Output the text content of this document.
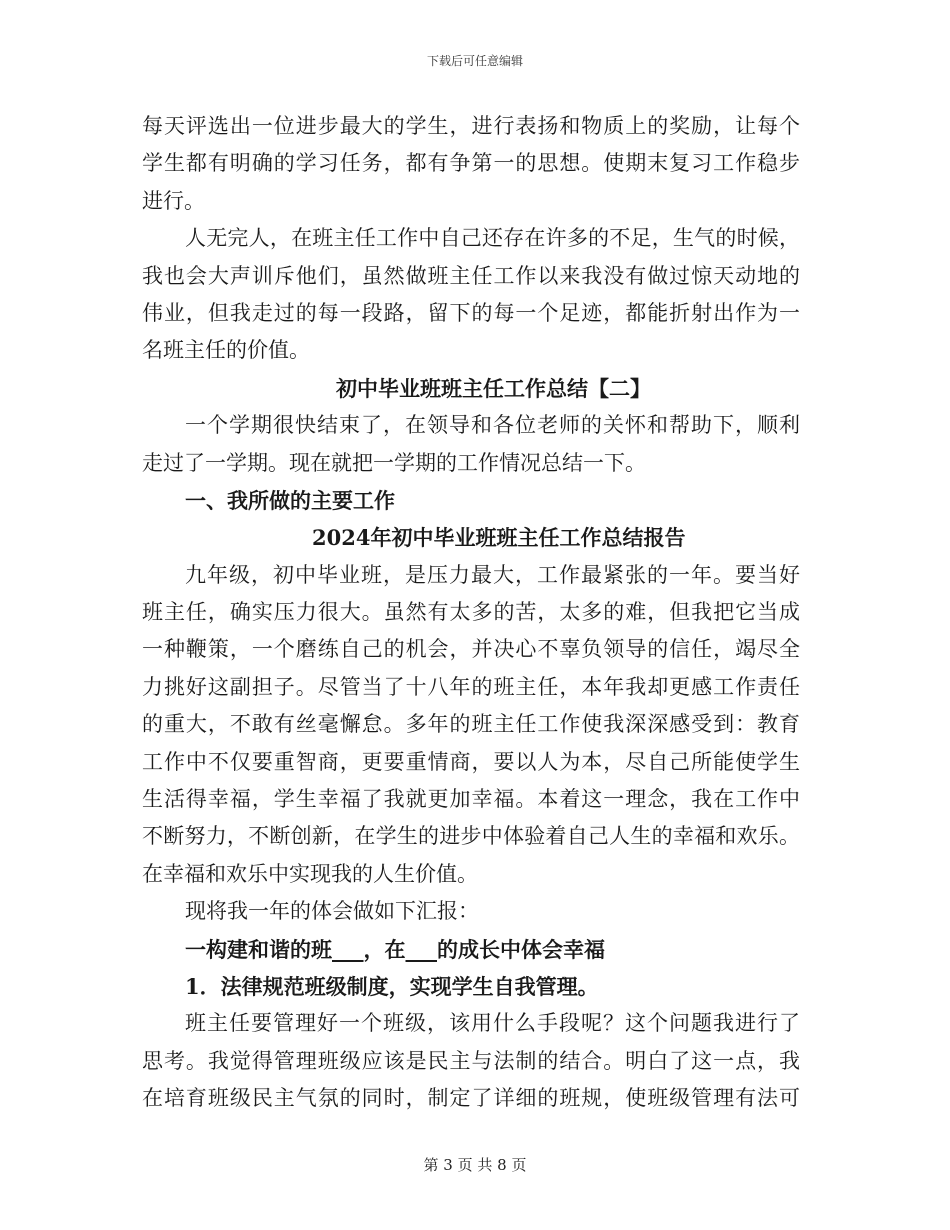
下载后可任意编辑
每天评选出一位进步最大的学生，进行表扬和物质上的奖励，让每个
学生都有明确的学习任务，都有争第一的思想。使期末复习工作稳步
进行。
人无完人，在班主任工作中自己还存在许多的不足，生气的时候，
我也会大声训斥他们，虽然做班主任工作以来我没有做过惊天动地的
伟业，但我走过的每一段路，留下的每一个足迹，都能折射出作为一
名班主任的价值。
初中毕业班班主任工作总结【二】
一个学期很快结束了，在领导和各位老师的关怀和帮助下，顺利
走过了一学期。现在就把一学期的工作情况总结一下。
一、我所做的主要工作
2024年初中毕业班班主任工作总结报告
九年级，初中毕业班，是压力最大，工作最紧张的一年。要当好
班主任，确实压力很大。虽然有太多的苦，太多的难，但我把它当成
一种鞭策，一个磨练自己的机会，并决心不辜负领导的信任，竭尽全
力挑好这副担子。尽管当了十八年的班主任，本年我却更感工作责任
的重大，不敢有丝毫懈怠。多年的班主任工作使我深深感受到：教育
工作中不仅要重智商，更要重情商，要以人为本，尽自己所能使学生
生活得幸福，学生幸福了我就更加幸福。本着这一理念，我在工作中
不断努力，不断创新，在学生的进步中体验着自己人生的幸福和欢乐。
在幸福和欢乐中实现我的人生价值。
现将我一年的体会做如下汇报：
一构建和谐的班___，在___的成长中体会幸福
1．法律规范班级制度，实现学生自我管理。
班主任要管理好一个班级，该用什么手段呢？这个问题我进行了
思考。我觉得管理班级应该是民主与法制的结合。明白了这一点，我
在培育班级民主气氛的同时，制定了详细的班规，使班级管理有法可
第 3 页 共 8 页
